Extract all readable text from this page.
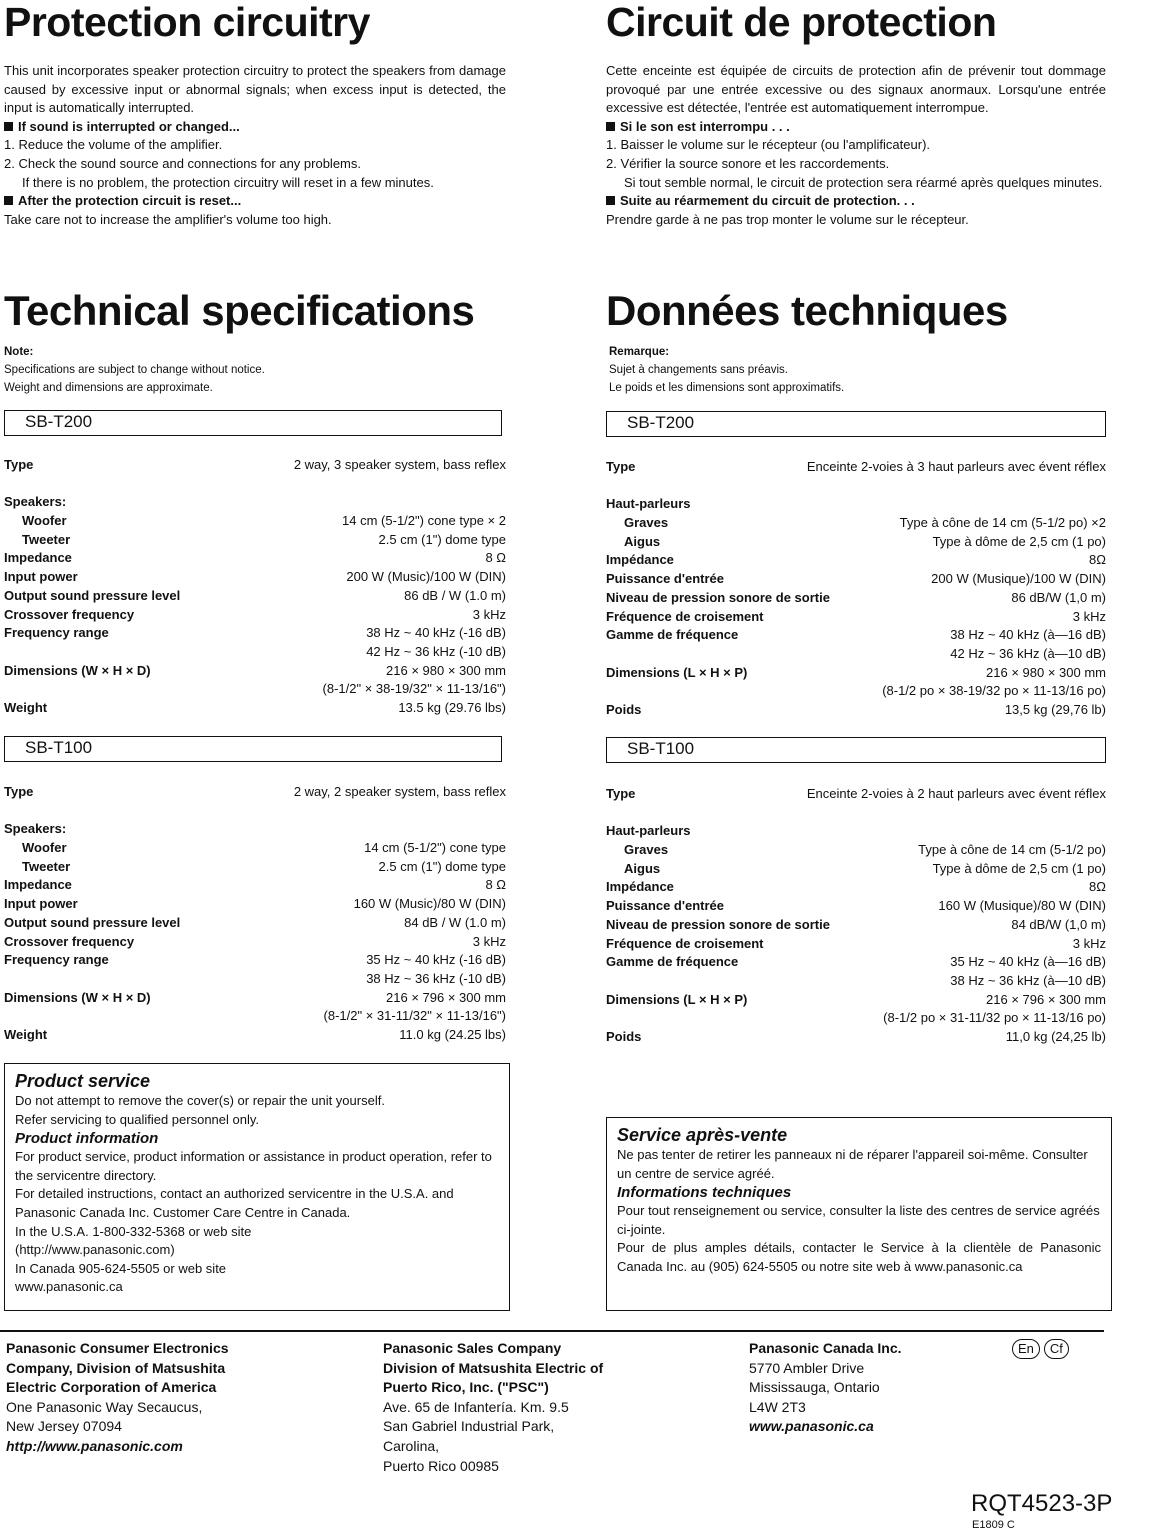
Protection circuitry
This unit incorporates speaker protection circuitry to protect the speakers from damage caused by excessive input or abnormal signals; when excess input is detected, the input is automatically interrupted.
If sound is interrupted or changed...
1. Reduce the volume of the amplifier.
2. Check the sound source and connections for any problems.
If there is no problem, the protection circuitry will reset in a few minutes.
After the protection circuit is reset...
Take care not to increase the amplifier's volume too high.
Technical specifications
Note:
Specifications are subject to change without notice.
Weight and dimensions are approximate.
SB-T200
Type	2 way, 3 speaker system, bass reflex
Speakers:
Woofer	14 cm (5-1/2") cone type × 2
Tweeter	2.5 cm (1") dome type
Impedance	8 Ω
Input power	200 W (Music)/100 W (DIN)
Output sound pressure level	86 dB / W (1.0 m)
Crossover frequency	3 kHz
Frequency range	38 Hz ~ 40 kHz (-16 dB)
42 Hz ~ 36 kHz (-10 dB)
Dimensions (W × H × D)	216 × 980 × 300 mm
(8-1/2" × 38-19/32" × 11-13/16")
Weight	13.5 kg (29.76 lbs)
SB-T100
Type	2 way, 2 speaker system, bass reflex
Speakers:
Woofer	14 cm (5-1/2") cone type
Tweeter	2.5 cm (1") dome type
Impedance	8 Ω
Input power	160 W (Music)/80 W (DIN)
Output sound pressure level	84 dB / W (1.0 m)
Crossover frequency	3 kHz
Frequency range	35 Hz ~ 40 kHz (-16 dB)
38 Hz ~ 36 kHz (-10 dB)
Dimensions (W × H × D)	216 × 796 × 300 mm
(8-1/2" × 31-11/32" × 11-13/16")
Weight	11.0 kg (24.25 lbs)
Product service
Do not attempt to remove the cover(s) or repair the unit yourself.
Refer servicing to qualified personnel only.
Product information
For product service, product information or assistance in product operation, refer to the servicentre directory.
For detailed instructions, contact an authorized servicentre in the U.S.A. and Panasonic Canada Inc. Customer Care Centre in Canada.
In the U.S.A. 1-800-332-5368 or web site
(http://www.panasonic.com)
In Canada 905-624-5505 or web site
www.panasonic.ca
Circuit de protection
Cette enceinte est équipée de circuits de protection afin de prévenir tout dommage provoqué par une entrée excessive ou des signaux anormaux. Lorsqu'une entrée excessive est détectée, l'entrée est automatiquement interrompue.
Si le son est interrompu . . .
1. Baisser le volume sur le récepteur (ou l'amplificateur).
2. Vérifier la source sonore et les raccordements.
Si tout semble normal, le circuit de protection sera réarmé après quelques minutes.
Suite au réarmement du circuit de protection. . .
Prendre garde à ne pas trop monter le volume sur le récepteur.
Données techniques
Remarque:
Sujet à changements sans préavis.
Le poids et les dimensions sont approximatifs.
SB-T200
Type	Enceinte 2-voies à 3 haut parleurs avec évent réflex
Haut-parleurs
Graves	Type à cône de 14 cm (5-1/2 po) ×2
Aigus	Type à dôme de 2,5 cm (1 po)
Impédance	8Ω
Puissance d'entrée	200 W (Musique)/100 W (DIN)
Niveau de pression sonore de sortie	86 dB/W (1,0 m)
Fréquence de croisement	3 kHz
Gamme de fréquence	38 Hz ~ 40 kHz (à—16 dB)
42 Hz ~ 36 kHz (à—10 dB)
Dimensions (L × H × P)	216 × 980 × 300 mm
(8-1/2 po × 38-19/32 po × 11-13/16 po)
Poids	13,5 kg (29,76 lb)
SB-T100
Type	Enceinte 2-voies à 2 haut parleurs avec évent réflex
Haut-parleurs
Graves	Type à cône de 14 cm (5-1/2 po)
Aigus	Type à dôme de 2,5 cm (1 po)
Impédance	8Ω
Puissance d'entrée	160 W (Musique)/80 W (DIN)
Niveau de pression sonore de sortie	84 dB/W (1,0 m)
Fréquence de croisement	3 kHz
Gamme de fréquence	35 Hz ~ 40 kHz (à—16 dB)
38 Hz ~ 36 kHz (à—10 dB)
Dimensions (L × H × P)	216 × 796 × 300 mm
(8-1/2 po × 31-11/32 po × 11-13/16 po)
Poids	11,0 kg (24,25 lb)
Service après-vente
Ne pas tenter de retirer les panneaux ni de réparer l'appareil soi-même. Consulter un centre de service agréé.
Informations techniques
Pour tout renseignement ou service, consulter la liste des centres de service agréés ci-jointe.
Pour de plus amples détails, contacter le Service à la clientèle de Panasonic Canada Inc. au (905) 624-5505 ou notre site web à www.panasonic.ca
Panasonic Consumer Electronics
Company, Division of Matsushita
Electric Corporation of America
One Panasonic Way Secaucus,
New Jersey 07094
http://www.panasonic.com
Panasonic Sales Company
Division of Matsushita Electric of
Puerto Rico, Inc. ("PSC")
Ave. 65 de Infantería. Km. 9.5
San Gabriel Industrial Park,
Carolina,
Puerto Rico 00985
Panasonic Canada Inc.
5770 Ambler Drive
Mississauga, Ontario
L4W 2T3
www.panasonic.ca
En	Cf
RQT4523-3P
E1809 C
